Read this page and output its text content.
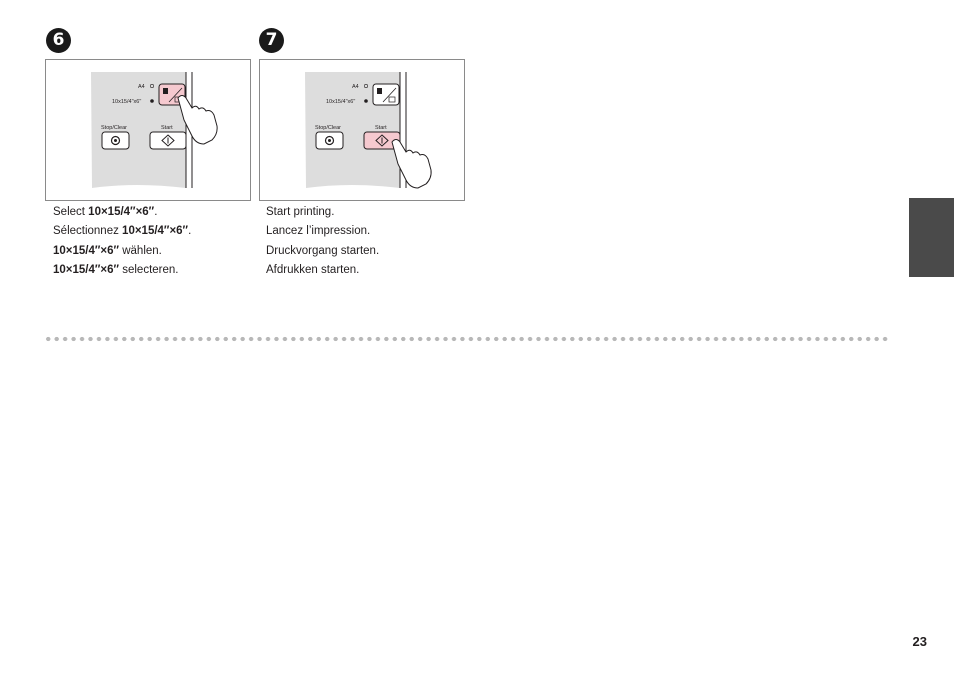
6
A4
10x15/4"x6"
Stop/Clear	Start
Select 10×15/4″×6″.
Sélectionnez 10×15/4″×6″.
10×15/4″×6″ wählen.
10×15/4″×6″ selecteren.
7
A4
10x15/4"x6"
Stop/Clear	Start
Start printing.
Lancez l’impression.
Druckvorgang starten.
Afdrukken starten.
23
